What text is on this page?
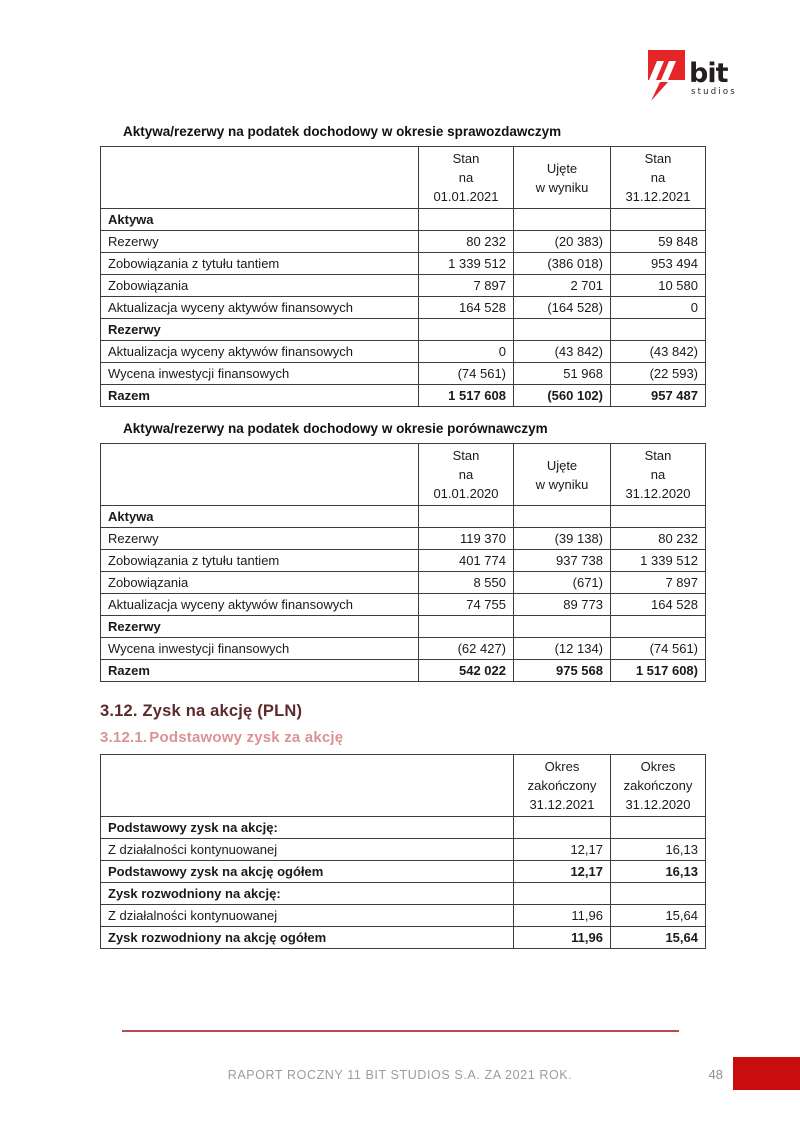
bit
studios

Aktywa/rezerwy na podatek dochodowy w okresie sprawozdawczym

Stan
na
01.01.2021

Ujęte
w wyniku

Stan
na
31.12.2021

Aktywa			
Rezerwy	80 232	(20 383)	59 848
Zobowiązania z tytułu tantiem	1 339 512	(386 018)	953 494
Zobowiązania	7 897	2 701	10 580
Aktualizacja wyceny aktywów finansowych	164 528	(164 528)	0
Rezerwy			
Aktualizacja wyceny aktywów finansowych	0	(43 842)	(43 842)
Wycena inwestycji finansowych	(74 561)	51 968	(22 593)
Razem	1 517 608	(560 102)	957 487

Aktywa/rezerwy na podatek dochodowy w okresie porównawczym

Stan
na
01.01.2020

Ujęte
w wyniku

Stan
na
31.12.2020

Aktywa			
Rezerwy	119 370	(39 138)	80 232
Zobowiązania z tytułu tantiem	401 774	937 738	1 339 512
Zobowiązania	8 550	(671)	7 897
Aktualizacja wyceny aktywów finansowych	74 755	89 773	164 528
Rezerwy			
Wycena inwestycji finansowych	(62 427)	(12 134)	(74 561)
Razem	542 022	975 568	1 517 608)
3.12. Zysk na akcję (PLN)
3.12.1. Podstawowy zysk za akcję

Okres
zakończony
31.12.2021

Okres
zakończony
31.12.2020

Podstawowy zysk na akcję:		
Z działalności kontynuowanej	12,17	16,13
Podstawowy zysk na akcję ogółem	12,17	16,13
Zysk rozwodniony na akcję:		
Z działalności kontynuowanej	11,96	15,64
Zysk rozwodniony na akcję ogółem	11,96	15,64
RAPORT ROCZNY 11 BIT STUDIOS S.A. ZA 2021 ROK.	48
